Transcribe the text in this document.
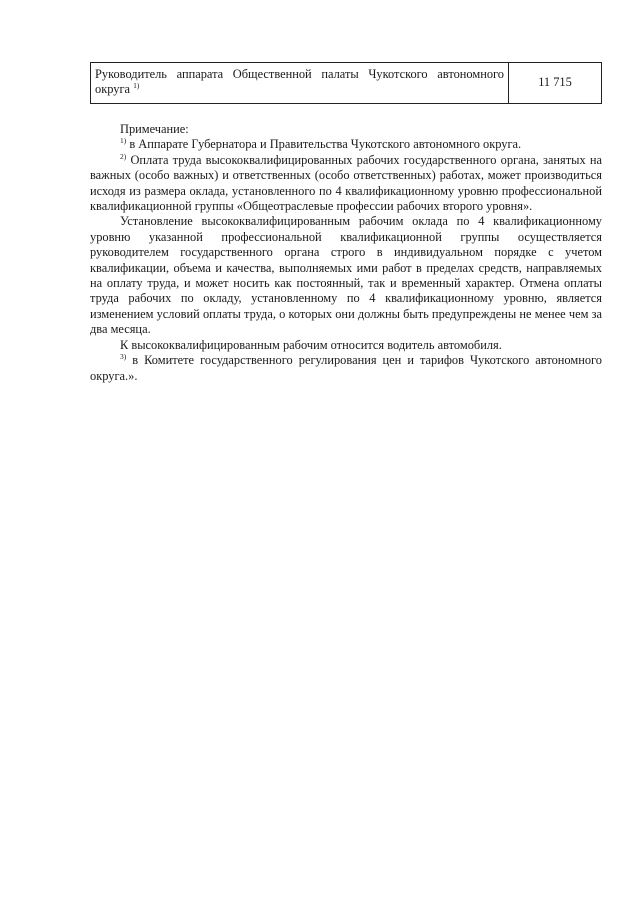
Руководитель аппарата Общественной палаты Чукотского автономного округа $^{1)}$	11 715

Примечание:

$^{1)}$ в Аппарате Губернатора и Правительства Чукотского автономного округа.

$^{2)}$ Оплата труда высококвалифицированных рабочих государственного органа, занятых на важных (особо важных) и ответственных (особо ответственных) работах, может производиться исходя из размера оклада, установленного по 4 квалификационному уровню профессиональной квалификационной группы «Общеотраслевые профессии рабочих второго уровня».

Установление высококвалифицированным рабочим оклада по 4 квалификационному уровню указанной профессиональной квалификационной группы осуществляется руководителем государственного органа строго в индивидуальном порядке с учетом квалификации, объема и качества, выполняемых ими работ в пределах средств, направляемых на оплату труда, и может носить как постоянный, так и временный характер. Отмена оплаты труда рабочих по окладу, установленному по 4 квалификационному уровню, является изменением условий оплаты труда, о которых они должны быть предупреждены не менее чем за два месяца.

К высококвалифицированным рабочим относится водитель автомобиля.

$^{3)}$ в Комитете государственного регулирования цен и тарифов Чукотского автономного округа.».
